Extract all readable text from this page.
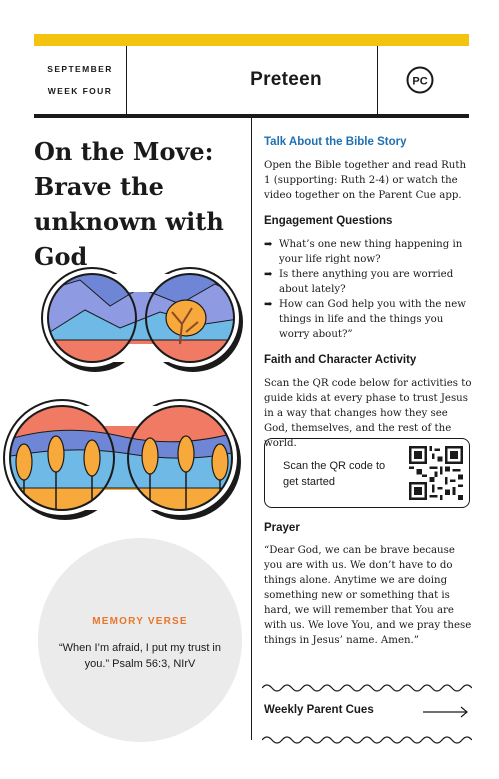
SEPTEMBER
WEEK FOUR
Preteen	PC
On the Move: Brave the unknown with God
MEMORY VERSE
“When I’m afraid, I put my trust in you.” Psalm 56:3, NIrV
Talk About the Bible Story
Open the Bible together and read Ruth 1 (supporting: Ruth 2-4) or watch the video together on the Parent Cue app.
Engagement Questions
➡ What’s one new thing happening in your life right now?
➡ Is there anything you are worried about lately?
➡ How can God help you with the new things in life and the things you worry about?”
Faith and Character Activity
Scan the QR code below for activities to guide kids at every phase to trust Jesus in a way that changes how they see God, themselves, and the rest of the world.
Scan the QR code to get started
Prayer
“Dear God, we can be brave because you are with us. We don’t have to do things alone. Anytime we are doing something new or something that is hard, we will remember that You are with us. We love You, and we pray these things in Jesus’ name. Amen.”
Weekly Parent Cues
